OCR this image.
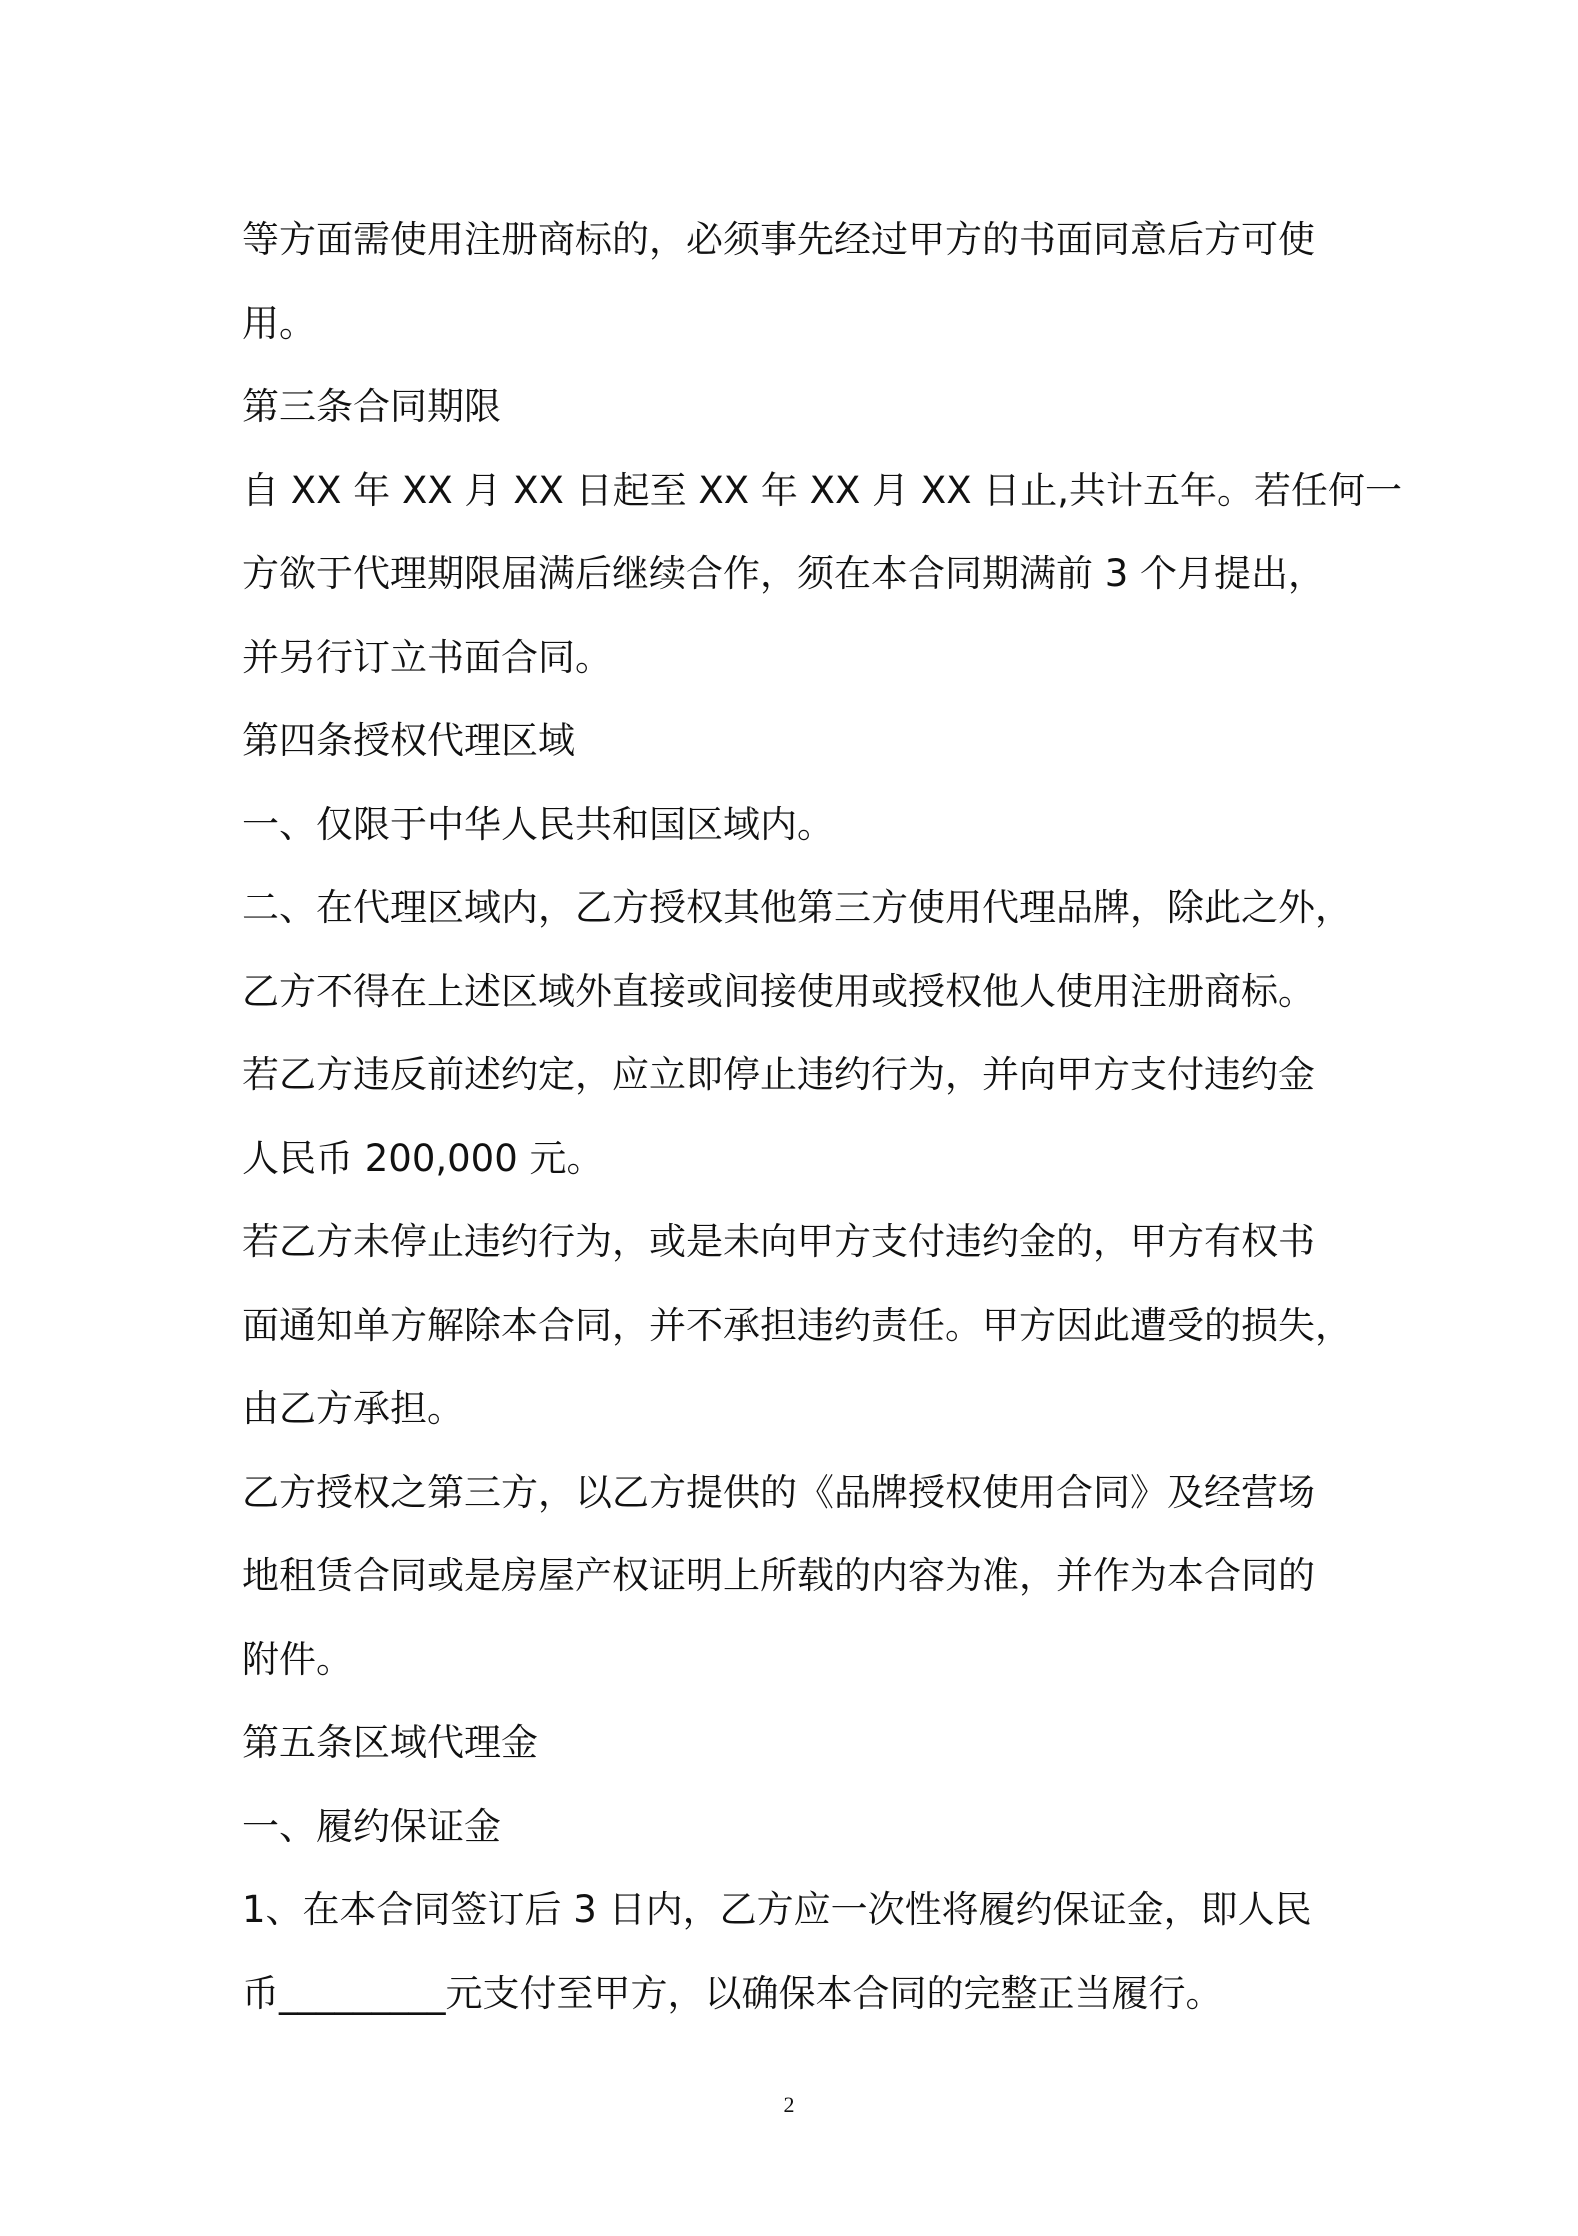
等方面需使用注册商标的，必须事先经过甲方的书面同意后方可使
用。
第三条合同期限
自 XX 年 XX 月 XX 日起至 XX 年 XX 月 XX 日止,共计五年。若任何一
方欲于代理期限届满后继续合作，须在本合同期满前 3 个月提出，
并另行订立书面合同。
第四条授权代理区域
一、仅限于中华人民共和国区域内。
二、在代理区域内，乙方授权其他第三方使用代理品牌，除此之外，
乙方不得在上述区域外直接或间接使用或授权他人使用注册商标。
若乙方违反前述约定，应立即停止违约行为，并向甲方支付违约金
人民币 200,000 元。
若乙方未停止违约行为，或是未向甲方支付违约金的，甲方有权书
面通知单方解除本合同，并不承担违约责任。甲方因此遭受的损失，
由乙方承担。
乙方授权之第三方，以乙方提供的《品牌授权使用合同》及经营场
地租赁合同或是房屋产权证明上所载的内容为准，并作为本合同的
附件。
第五条区域代理金
一、履约保证金
1、在本合同签订后 3 日内，乙方应一次性将履约保证金，即人民
币_________元支付至甲方，以确保本合同的完整正当履行。
2
